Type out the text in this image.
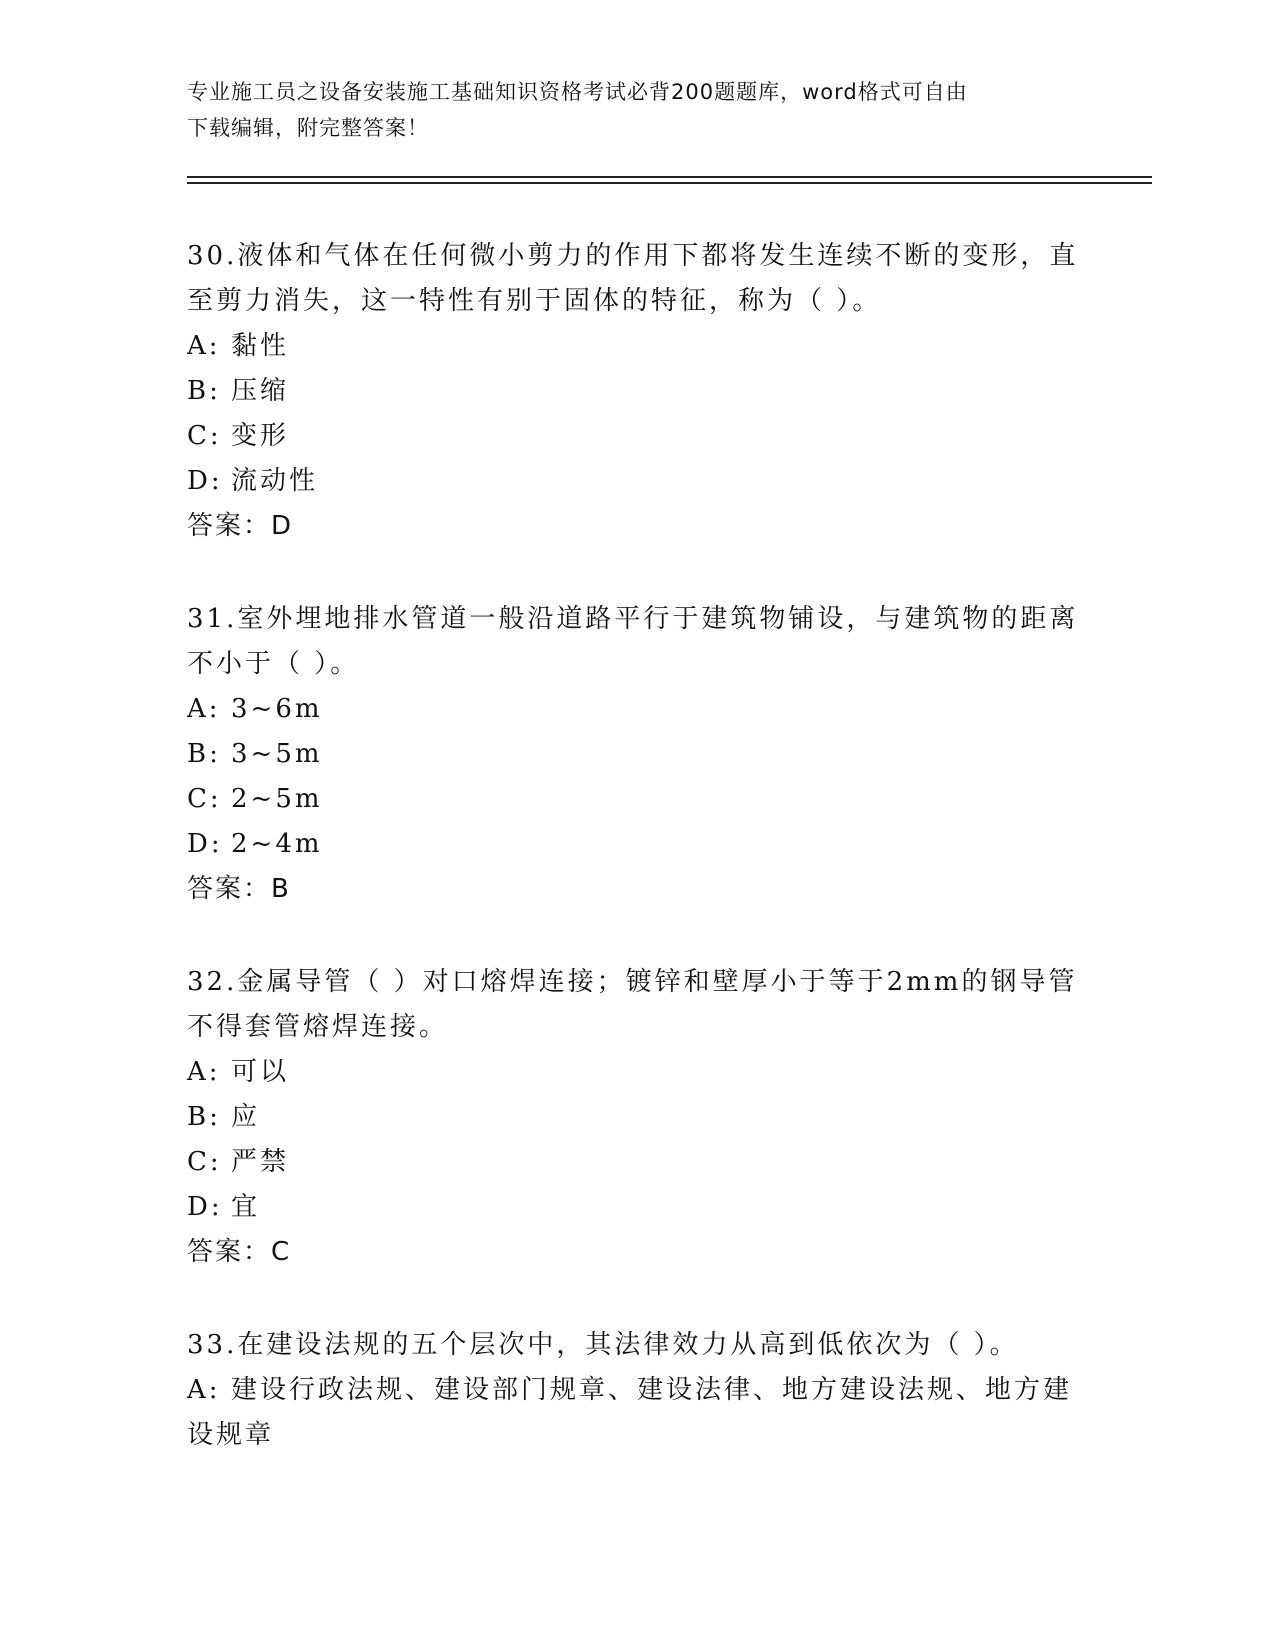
专业施工员之设备安装施工基础知识资格考试必背200题题库，word格式可自由
下载编辑，附完整答案！

30.液体和气体在任何微小剪力的作用下都将发生连续不断的变形，直

至剪力消失，这一特性有别于固体的特征，称为（ ）。

A: 黏性

B: 压缩

C: 变形

D: 流动性

答案：D

31.室外埋地排水管道一般沿道路平行于建筑物铺设，与建筑物的距离

不小于（ ）。

A: 3~6m

B: 3~5m

C: 2~5m

D: 2~4m

答案：B

32.金属导管（ ）对口熔焊连接；镀锌和壁厚小于等于2mm的钢导管

不得套管熔焊连接。

A: 可以

B: 应

C: 严禁

D: 宜

答案：C

33.在建设法规的五个层次中，其法律效力从高到低依次为（ ）。

A: 建设行政法规、建设部门规章、建设法律、地方建设法规、地方建

设规章
